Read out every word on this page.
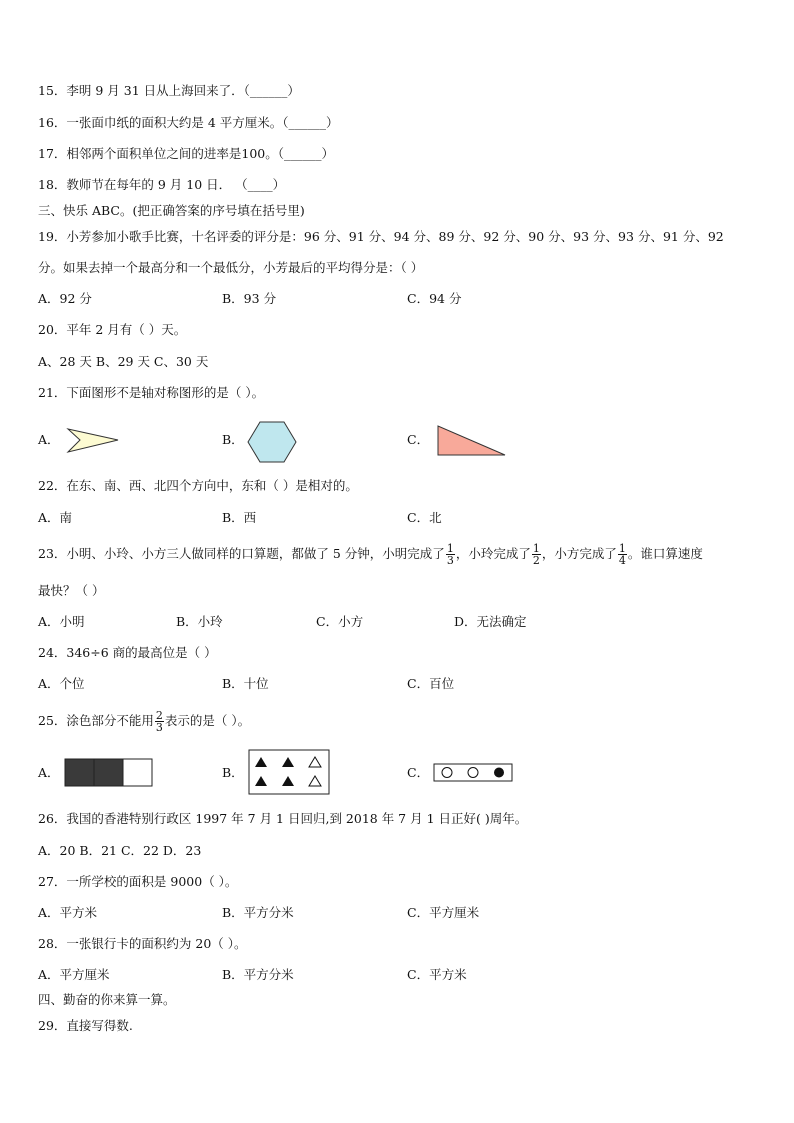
15．李明 9 月 31 日从上海回来了．（______）
16．一张面巾纸的面积大约是 4 平方厘米。（______）
17．相邻两个面积单位之间的进率是100。（______）
18．教师节在每年的 9 月 10 日． （____）
三、快乐 ABC。(把正确答案的序号填在括号里)
19．小芳参加小歌手比赛，十名评委的评分是：96 分、91 分、94 分、89 分、92 分、90 分、93 分、93 分、91 分、92
分。如果去掉一个最高分和一个最低分，小芳最后的平均得分是：（ ）
A．92 分	B．93 分	C．94 分
20．平年 2 月有（ ）天。
A、28 天 B、29 天 C、30 天
21．下面图形不是轴对称图形的是（ ）。
A．	B．	C．
22．在东、南、西、北四个方向中，东和（ ）是相对的。
A．南	B．西	C．北
23．小明、小玲、小方三人做同样的口算题，都做了 5 分钟，小明完成了 $\frac{1}{3}$ ，小玲完成了 $\frac{1}{2}$ ，小方完成了 $\frac{1}{4}$ 。谁口算速度
最快？（ ）
A．小明	B．小玲	C．小方	D．无法确定
24．346÷6 商的最高位是（ ）
A．个位	B．十位	C．百位
25．涂色部分不能用 $\frac{2}{3}$ 表示的是（ ）。
A．	B．	C．
26．我国的香港特别行政区 1997 年 7 月 1 日回归,到 2018 年 7 月 1 日正好( )周年。
A．20 B．21 C．22 D．23
27．一所学校的面积是 9000（ ）。
A．平方米	B．平方分米	C．平方厘米
28．一张银行卡的面积约为 20（ ）。
A．平方厘米	B．平方分米	C．平方米
四、勤奋的你来算一算。
29．直接写得数.
